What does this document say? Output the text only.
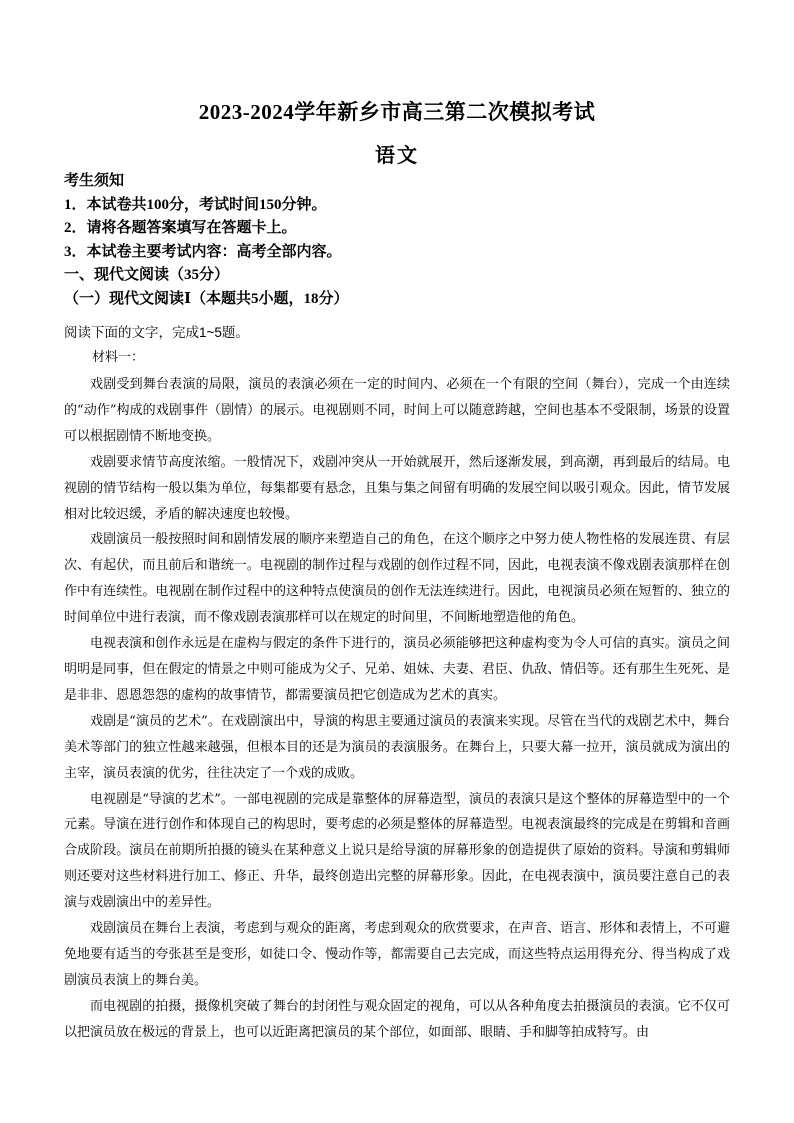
2023-2024学年新乡市高三第二次模拟考试
语文
考生须知
1．本试卷共100分，考试时间150分钟。
2．请将各题答案填写在答题卡上。
3．本试卷主要考试内容：高考全部内容。
一、现代文阅读（35分）
（一）现代文阅读Ⅰ（本题共5小题，18分）
阅读下面的文字，完成1~5题。
材料一：

戏剧受到舞台表演的局限，演员的表演必须在一定的时间内、必须在一个有限的空间（舞台），完成一个由连续的“动作”构成的戏剧事件（剧情）的展示。电视剧则不同，时间上可以随意跨越，空间也基本不受限制，场景的设置可以根据剧情不断地变换。

戏剧要求情节高度浓缩。一般情况下，戏剧冲突从一开始就展开，然后逐渐发展，到高潮，再到最后的结局。电视剧的情节结构一般以集为单位，每集都要有悬念，且集与集之间留有明确的发展空间以吸引观众。因此，情节发展相对比较迟缓，矛盾的解决速度也较慢。

戏剧演员一般按照时间和剧情发展的顺序来塑造自己的角色，在这个顺序之中努力使人物性格的发展连贯、有层次、有起伏，而且前后和谐统一。电视剧的制作过程与戏剧的创作过程不同，因此，电视表演不像戏剧表演那样在创作中有连续性。电视剧在制作过程中的这种特点使演员的创作无法连续进行。因此，电视演员必须在短暂的、独立的时间单位中进行表演，而不像戏剧表演那样可以在规定的时间里，不间断地塑造他的角色。

电视表演和创作永远是在虚构与假定的条件下进行的，演员必须能够把这种虚构变为令人可信的真实。演员之间明明是同事，但在假定的情景之中则可能成为父子、兄弟、姐妹、夫妻、君臣、仇敌、情侣等。还有那生生死死、是是非非、恩恩怨怨的虚构的故事情节，都需要演员把它创造成为艺术的真实。

戏剧是“演员的艺术”。在戏剧演出中，导演的构思主要通过演员的表演来实现。尽管在当代的戏剧艺术中，舞台美术等部门的独立性越来越强，但根本目的还是为演员的表演服务。在舞台上，只要大幕一拉开，演员就成为演出的主宰，演员表演的优劣，往往决定了一个戏的成败。

电视剧是“导演的艺术”。一部电视剧的完成是靠整体的屏幕造型，演员的表演只是这个整体的屏幕造型中的一个元素。导演在进行创作和体现自己的构思时，要考虑的必须是整体的屏幕造型。电视表演最终的完成是在剪辑和音画合成阶段。演员在前期所拍摄的镜头在某种意义上说只是给导演的屏幕形象的创造提供了原始的资料。导演和剪辑师则还要对这些材料进行加工、修正、升华，最终创造出完整的屏幕形象。因此，在电视表演中，演员要注意自己的表演与戏剧演出中的差异性。

戏剧演员在舞台上表演，考虑到与观众的距离，考虑到观众的欣赏要求，在声音、语言、形体和表情上，不可避免地要有适当的夸张甚至是变形，如徒口令、慢动作等，都需要自己去完成，而这些特点运用得充分、得当构成了戏剧演员表演上的舞台美。

而电视剧的拍摄，摄像机突破了舞台的封闭性与观众固定的视角，可以从各种角度去拍摄演员的表演。它不仅可以把演员放在极远的背景上，也可以近距离把演员的某个部位，如面部、眼睛、手和脚等拍成特写。由
